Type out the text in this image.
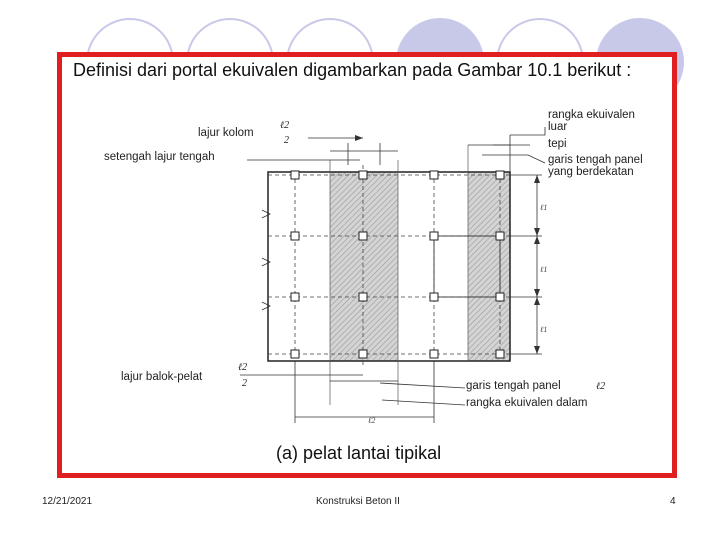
Definisi dari portal ekuivalen digambarkan pada Gambar 10.1 berikut :
lajur kolom
ℓ2
2
setengah lajur tengah
rangka ekuivalen
luar
tepi
garis tengah panel
yang berdekatan
ℓ1
ℓ1
ℓ1
lajur balok-pelat
ℓ2
2	garis tengah panel	ℓ2
rangka ekuivalen dalam
ℓ2
(a) pelat lantai tipikal
12/21/2021	Konstruksi Beton II	4
